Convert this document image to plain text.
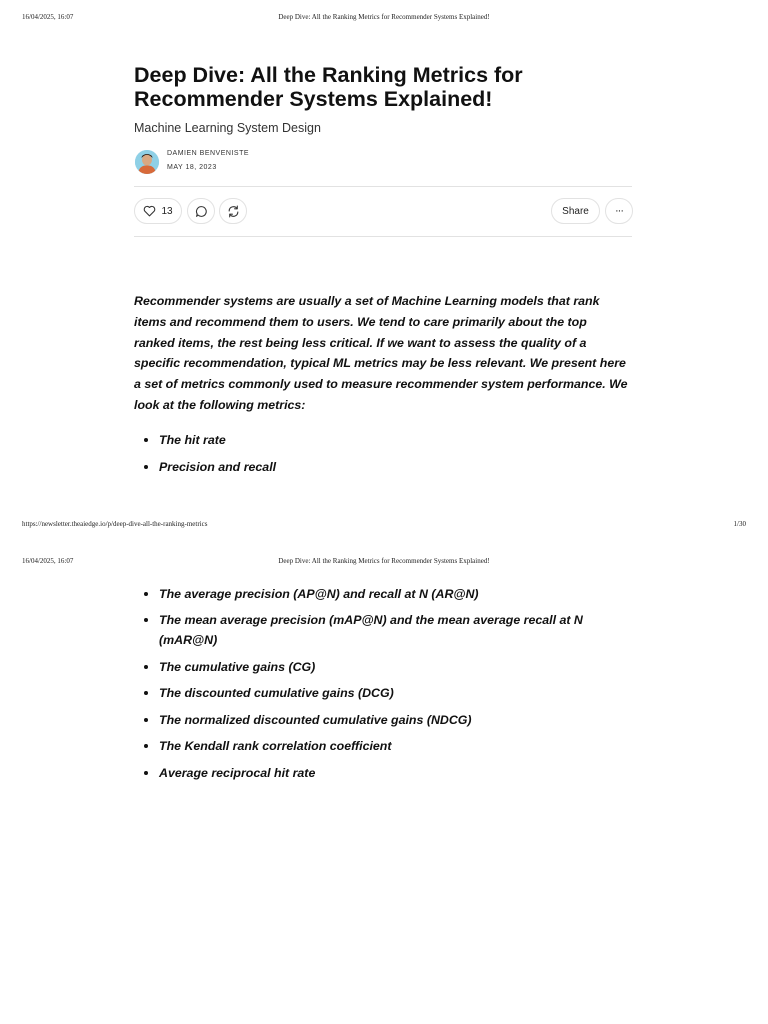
16/04/2025, 16:07	Deep Dive: All the Ranking Metrics for Recommender Systems Explained!
Deep Dive: All the Ranking Metrics for Recommender Systems Explained!
Machine Learning System Design
DAMIEN BENVENISTE
MAY 18, 2023
13	Share ···

Recommender systems are usually a set of Machine Learning models that rank items and recommend them to users. We tend to care primarily about the top ranked items, the rest being less critical. If we want to assess the quality of a specific recommendation, typical ML metrics may be less relevant. We present here a set of metrics commonly used to measure recommender system performance. We look at the following metrics:

The hit rate
Precision and recall
https://newsletter.theaiedge.io/p/deep-dive-all-the-ranking-metrics	1/30
16/04/2025, 16:07	Deep Dive: All the Ranking Metrics for Recommender Systems Explained!
The average precision (AP@N) and recall at N (AR@N)
The mean average precision (mAP@N) and the mean average recall at N (mAR@N)
The cumulative gains (CG)
The discounted cumulative gains (DCG)
The normalized discounted cumulative gains (NDCG)
The Kendall rank correlation coefficient
Average reciprocal hit rate
